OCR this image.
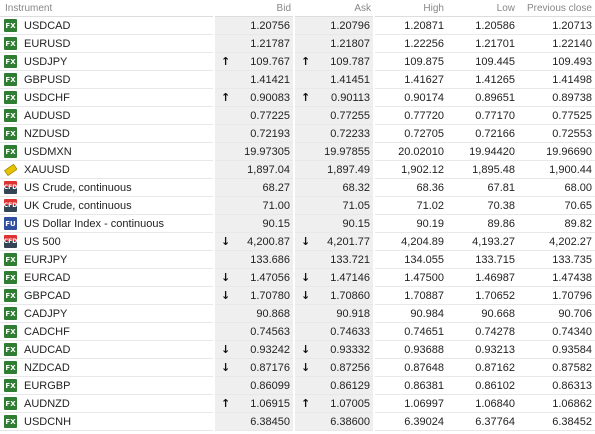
Instrument	Bid	Ask	High	Low	Previous close

FX USDCAD	1.20756	1.20796	1.20871	1.20586	1.20713

FX EURUSD	1.21787	1.21807	1.22256	1.21701	1.22140

FX USDJPY	↑ 109.767	↑ 109.787	109.875	109.445	109.493

FX GBPUSD	1.41421	1.41451	1.41627	1.41265	1.41498

FX USDCHF	↑ 0.90083	↑ 0.90113	0.90174	0.89651	0.89738

FX AUDUSD	0.77225	0.77255	0.77720	0.77170	0.77525

FX NZDUSD	0.72193	0.72233	0.72705	0.72166	0.72553

FX USDMXN	19.97305	19.97855	20.02010	19.94420	19.96690

XAUUSD	1,897.04	1,897.49	1,902.12	1,895.48	1,900.44

CFD US Crude, continuous	68.27	68.32	68.36	67.81	68.00

CFD UK Crude, continuous	71.00	71.05	71.02	70.38	70.65

FU US Dollar Index - continuous	90.15	90.15	90.19	89.86	89.82

CFD US 500	↓ 4,200.87	↓ 4,201.77	4,204.89	4,193.27	4,202.27

FX EURJPY	133.686	133.721	134.055	133.715	133.735

FX EURCAD	↓ 1.47056	↓ 1.47146	1.47500	1.46987	1.47438

FX GBPCAD	↓ 1.70780	↓ 1.70860	1.70887	1.70652	1.70796

FX CADJPY	90.868	90.918	90.984	90.668	90.706

FX CADCHF	0.74563	0.74633	0.74651	0.74278	0.74340

FX AUDCAD	↓ 0.93242	↓ 0.93332	0.93688	0.93213	0.93584

FX NZDCAD	↓ 0.87176	↓ 0.87256	0.87648	0.87162	0.87582

FX EURGBP	0.86099	0.86129	0.86381	0.86102	0.86313

FX AUDNZD	↑ 1.06915	↑ 1.07005	1.06997	1.06840	1.06862

FX USDCNH	6.38450	6.38600	6.39024	6.37764	6.38452
